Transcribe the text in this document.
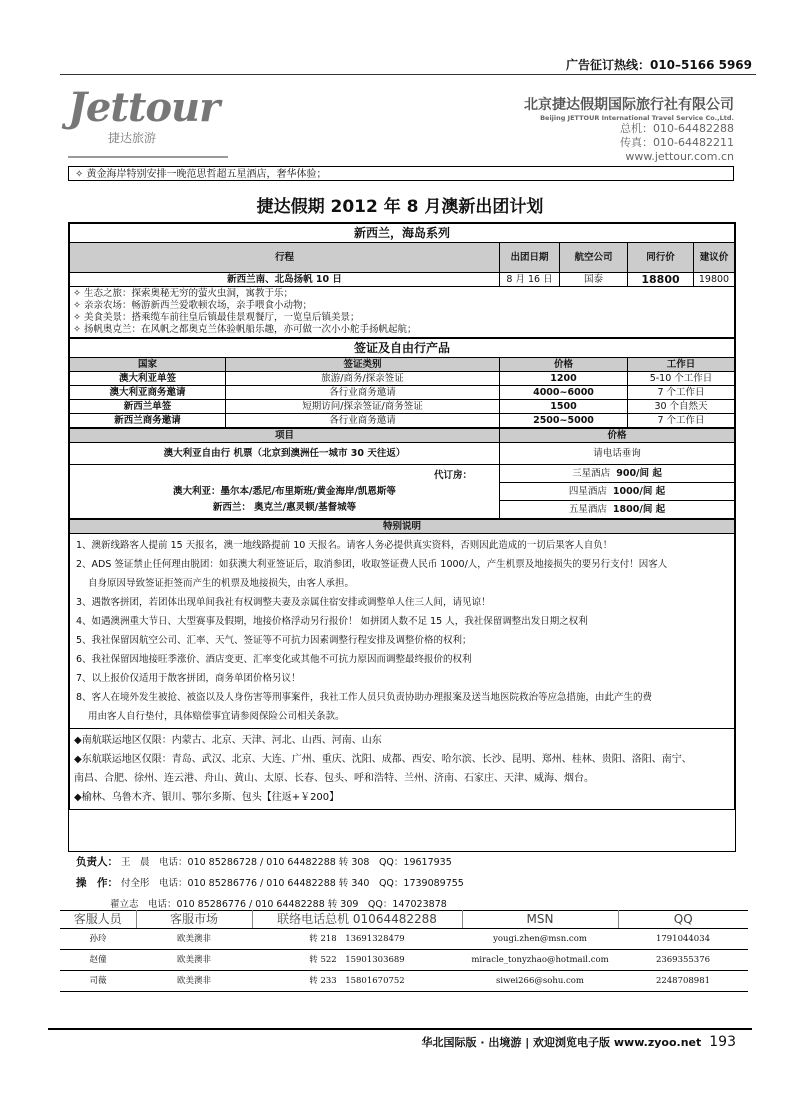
广告征订热线：010–5166 5969
Jettour
捷达旅游
北京捷达假期国际旅行社有限公司
Beijing JETTOUR International Travel Service Co.,Ltd.
总机：010-64482288
传真：010-64482211
www.jettour.com.cn
✧ 黄金海岸特别安排一晚范思哲超五星酒店，奢华体验；
捷达假期 2012 年 8 月澳新出团计划
新西兰，海岛系列				
行程	出团日期	航空公司	同行价	建议价
新西兰南、北岛扬帆 10 日	8 月 16 日	国泰	18800	19800

✧ 生态之旅：探索奥秘无穷的萤火虫洞，寓教于乐；
✧ 亲亲农场：畅游新西兰爱歌顿农场，亲手喂食小动物；
✧ 美食美景：搭乘缆车前往皇后镇最佳景观餐厅，一览皇后镇美景；
✧ 扬帆奥克兰：在风帆之都奥克兰体验帆船乐趣，亦可做一次小小舵手扬帆起航；				
签证及自由行产品			
国家	签证类别	价格	工作日
澳大利亚单签	旅游/商务/探亲签证	1200	5-10 个工作日
澳大利亚商务邀请	各行业商务邀请	4000~6000	7 个工作日
新西兰单签	短期访问/探亲签证/商务签证	1500	30 个自然天
新西兰商务邀请	各行业商务邀请	2500~5000	7 个工作日
项目	价格
澳大利亚自由行 机票（北京到澳洲任一城市 30 天往返）	请电话垂询

代订房：
澳大利亚：墨尔本/悉尼/布里斯班/黄金海岸/凯恩斯等
新西兰： 奥克兰/惠灵顿/基督城等	三星酒店 900/间 起
	四星酒店 1000/间 起
	五星酒店 1800/间 起
特别说明

1、澳新线路客人提前 15 天报名，澳一地线路提前 10 天报名。请客人务必提供真实资料，否则因此造成的一切后果客人自负！
2、ADS 签证禁止任何理由脱团：如获澳大利亚签证后，取消参团，收取签证费人民币 1000/人，产生机票及地接损失的要另行支付！因客人
自身原因导致签证拒签而产生的机票及地接损失，由客人承担。
3、遇散客拼团，若团体出现单间我社有权调整夫妻及亲属住宿安排或调整单人住三人间，请见谅！
4、如遇澳洲重大节日、大型赛事及假期，地接价格浮动另行报价！ 如拼团人数不足 15 人，我社保留调整出发日期之权利
5、我社保留因航空公司、汇率、天气、签证等不可抗力因素调整行程安排及调整价格的权利；
6、我社保留因地接旺季涨价、酒店变更、汇率变化或其他不可抗力原因而调整最终报价的权利
7、以上报价仅适用于散客拼团，商务单团价格另议！
8、客人在境外发生被抢、被盗以及人身伤害等刑事案件，我社工作人员只负责协助办理报案及送当地医院救治等应急措施，由此产生的费
用由客人自行垫付，具体赔偿事宜请参阅保险公司相关条款。

◆南航联运地区仅限：内蒙古、北京、天津、河北、山西、河南、山东
◆东航联运地区仅限：青岛、武汉、北京、大连、广州、重庆、沈阳、成都、西安、哈尔滨、长沙、昆明、郑州、桂林、贵阳、洛阳、南宁、
南昌、合肥、徐州、连云港、舟山、黄山、太原、长春、包头、呼和浩特、兰州、济南、石家庄、天津、威海、烟台。
◆榆林、乌鲁木齐、银川、鄂尔多斯、包头【往返+￥200】
负责人： 王　晨　电话：010 85286728 / 010 64482288 转 308　QQ：19617935
操　作： 付全彤　电话：010 85286776 / 010 64482288 转 340　QQ：1739089755
翟立志　电话：010 85286776 / 010 64482288 转 309　QQ：147023878
客服人员	客服市场	联络电话总机 01064482288	MSN	QQ
孙玲	欧美澳非	转 218　13691328479	yougi.zhen@msn.com	1791044034
赵僮	欧美澳非	转 522　15901303689	miracle_tonyzhao@hotmail.com	2369355376
司薇	欧美澳非	转 233　15801670752	siwei266@sohu.com	2248708981
华北国际版 · 出境游 | 欢迎浏览电子版 www.zyoo.net 193
